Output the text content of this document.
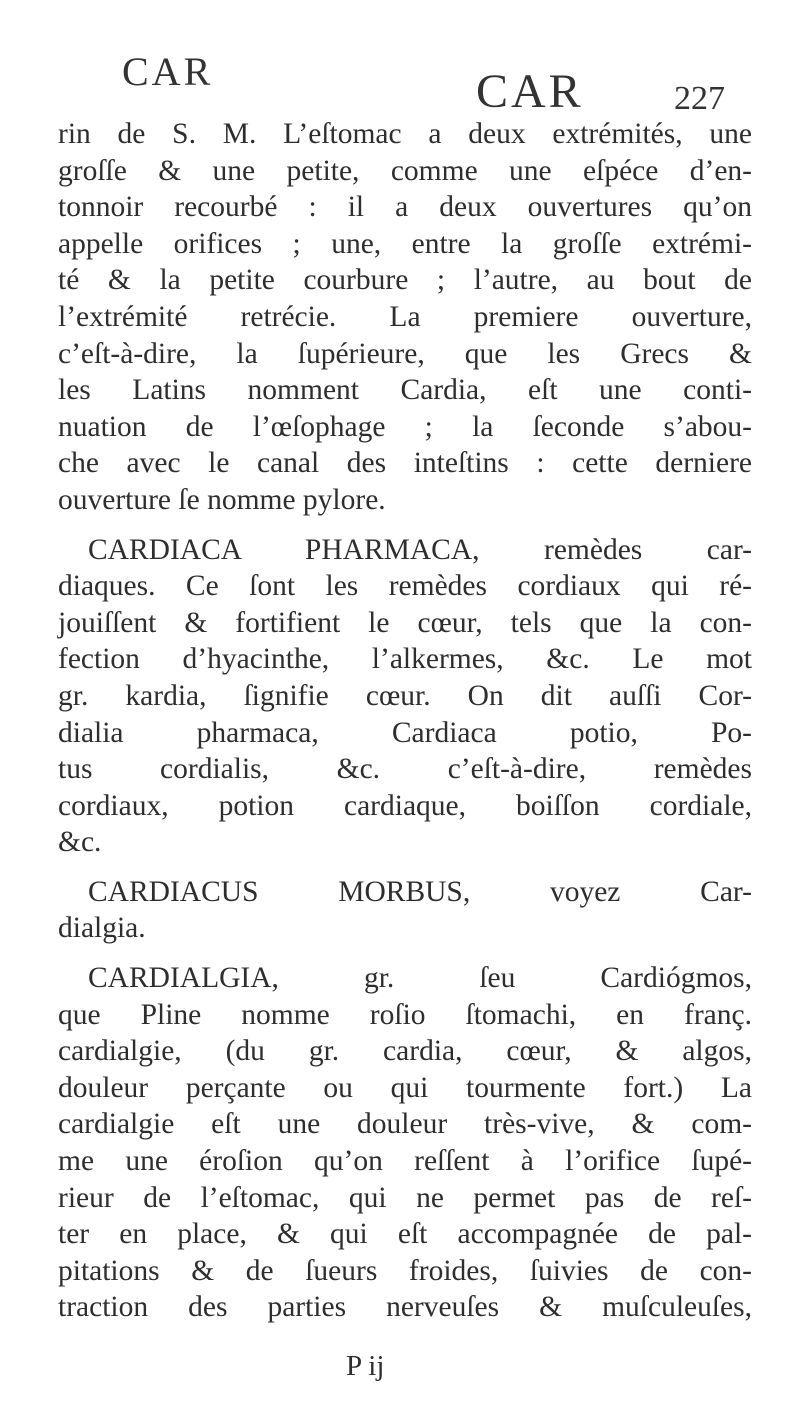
CAR	CAR	227
rin de S. M. L’eſtomac a deux extrémités, une
groſſe & une petite, comme une eſpéce d’en-
tonnoir recourbé : il a deux ouvertures qu’on
appelle orifices ; une, entre la groſſe extrémi-
té & la petite courbure ; l’autre, au bout de
l’extrémité retrécie. La premiere ouverture,
c’eſt-à-dire, la ſupérieure, que les Grecs &
les Latins nomment Cardia, eſt une conti-
nuation de l’œſophage ; la ſeconde s’abou-
che avec le canal des inteſtins : cette derniere
ouverture ſe nomme pylore.
CARDIACA PHARMACA, remèdes car-
diaques. Ce ſont les remèdes cordiaux qui ré-
jouiſſent & fortifient le cœur, tels que la con-
fection d’hyacinthe, l’alkermes, &c. Le mot
gr. kardia, ſignifie cœur. On dit auſſi Cor-
dialia pharmaca, Cardiaca potio, Po-
tus cordialis, &c. c’eſt-à-dire, remèdes
cordiaux, potion cardiaque, boiſſon cordiale,
&c.
CARDIACUS MORBUS, voyez Car-
dialgia.
CARDIALGIA, gr. ſeu Cardiógmos,
que Pline nomme roſio ſtomachi, en franç.
cardialgie, (du gr. cardia, cœur, & algos,
douleur perçante ou qui tourmente fort.) La
cardialgie eſt une douleur très-vive, & com-
me une éroſion qu’on reſſent à l’orifice ſupé-
rieur de l’eſtomac, qui ne permet pas de reſ-
ter en place, & qui eſt accompagnée de pal-
pitations & de ſueurs froides, ſuivies de con-
traction des parties nerveuſes & muſculeuſes,
P ij
